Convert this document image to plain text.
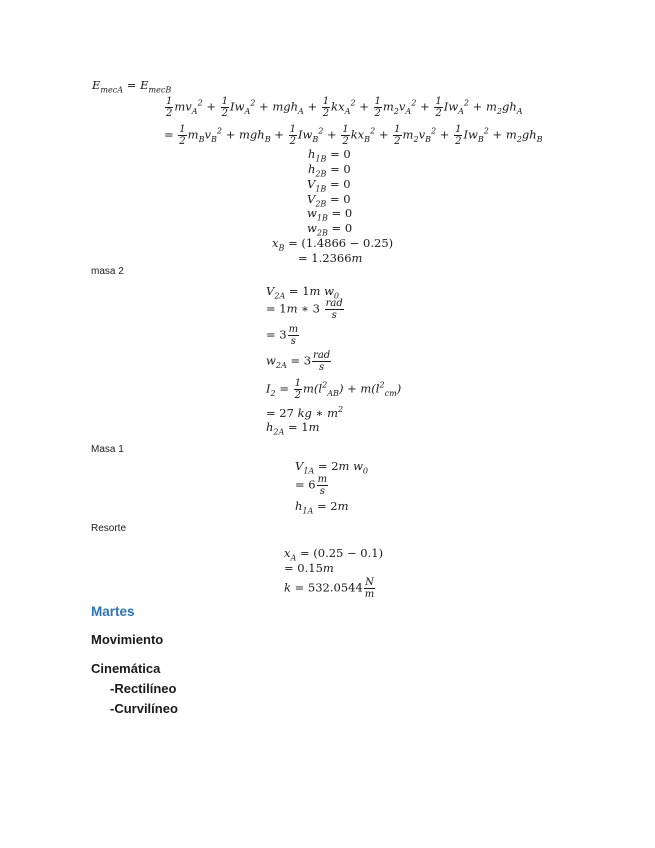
$E_{mecA} = E_{mecB}$
$\frac{1}{2} mv_A^2 + \frac{1}{2} Iw_A^2 + mgh_A + \frac{1}{2} kx_A^2 + \frac{1}{2} m_2v_A^2 + \frac{1}{2} Iw_A^2 + m_2gh_A$
= $\frac{1}{2} m_Bv_B^2 + mgh_B + \frac{1}{2} Iw_B^2 + \frac{1}{2} kx_B^2 + \frac{1}{2} m_2v_B^2 + \frac{1}{2} Iw_B^2 + m_2gh_B$
$h_{1B} = 0$
$h_{2B} = 0$
$V_{1B} = 0$
$V_{2B} = 0$
$w_{1B} = 0$
$w_{2B} = 0$
$x_B = (1.4866 - 0.25)$
= 1.2366m
masa 2
$V_{2A} = 1m$ $w_0$
= 1m ∗ $3 \frac{\text{rad}}{s}$
= $3 \frac{m}{s}$
$w_{2A} = 3 \frac{\text{rad}}{s}$
$I_2 = \frac{1}{2} m(l^2_{AB}) + m(l^2_{cm})$
= 27 kg ∗ $m^2$
$h_{2A} = 1m$
Masa 1
$V_{1A} = 2m$ $w_0$
= $6 \frac{m}{s}$
$h_{1A} = 2m$
Resorte
$x_A = (0.25 - 0.1)$
= 0.15m
$k = 532.0544 \frac{N}{m}$
Martes
Movimiento
Cinemática
-Rectilíneo
-Curvilíneo
